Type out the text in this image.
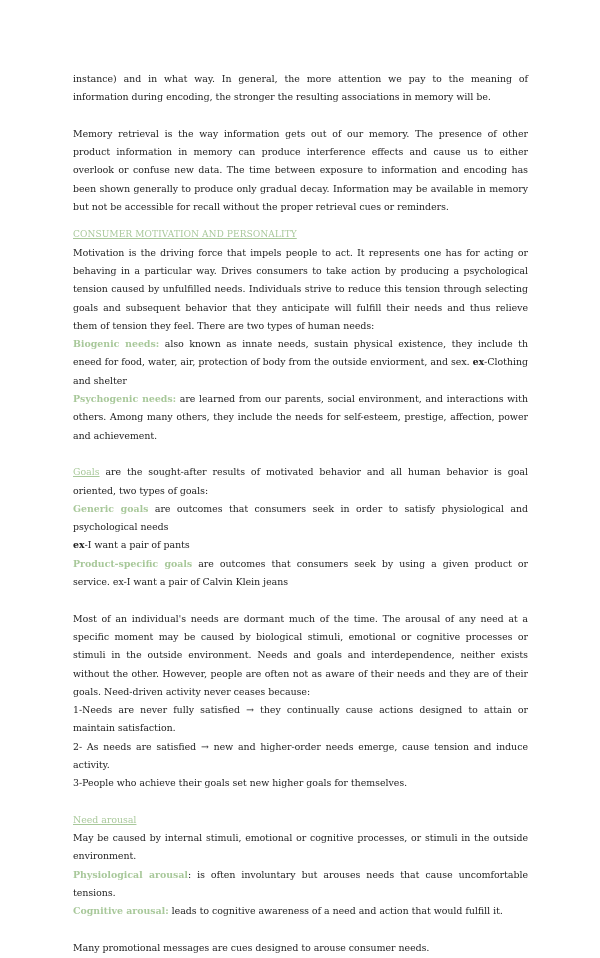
instance) and in what way. In general, the more attention we pay to the meaning of information during encoding, the stronger the resulting associations in memory will be.

Memory retrieval is the way information gets out of our memory. The presence of other product information in memory can produce interference effects and cause us to either overlook or confuse new data. The time between exposure to information and encoding has been shown generally to produce only gradual decay. Information may be available in memory but not be accessible for recall without the proper retrieval cues or reminders.

CONSUMER MOTIVATION AND PERSONALITY

Motivation is the driving force that impels people to act. It represents one has for acting or behaving in a particular way. Drives consumers to take action by producing a psychological tension caused by unfulfilled needs. Individuals strive to reduce this tension through selecting goals and subsequent behavior that they anticipate will fulfill their needs and thus relieve them of tension they feel. There are two types of human needs:

Biogenic needs: also known as innate needs, sustain physical existence, they include th eneed for food, water, air, protection of body from the outside enviorment, and sex. ex-Clothing and shelter

Psychogenic needs: are learned from our parents, social environment, and interactions with others. Among many others, they include the needs for self-esteem, prestige, affection, power and achievement.

Goals are the sought-after results of motivated behavior and all human behavior is goal oriented, two types of goals:

Generic goals are outcomes that consumers seek in order to satisfy physiological and psychological needs

ex-I want a pair of pants

Product-specific goals are outcomes that consumers seek by using a given product or service. ex-I want a pair of Calvin Klein jeans

Most of an individual's needs are dormant much of the time. The arousal of any need at a specific moment may be caused by biological stimuli, emotional or cognitive processes or stimuli in the outside environment. Needs and goals and interdependence, neither exists without the other. However, people are often not as aware of their needs and they are of their goals. Need-driven activity never ceases because:

1-Needs are never fully satisfied → they continually cause actions designed to attain or maintain satisfaction.

2- As needs are satisfied → new and higher-order needs emerge, cause tension and induce activity.

3-People who achieve their goals set new higher goals for themselves.

Need arousal

May be caused by internal stimuli, emotional or cognitive processes, or stimuli in the outside environment.

Physiological arousal: is often involuntary but arouses needs that cause uncomfortable tensions.

Cognitive arousal: leads to cognitive awareness of a need and action that would fulfill it.

Many promotional messages are cues designed to arouse consumer needs.
